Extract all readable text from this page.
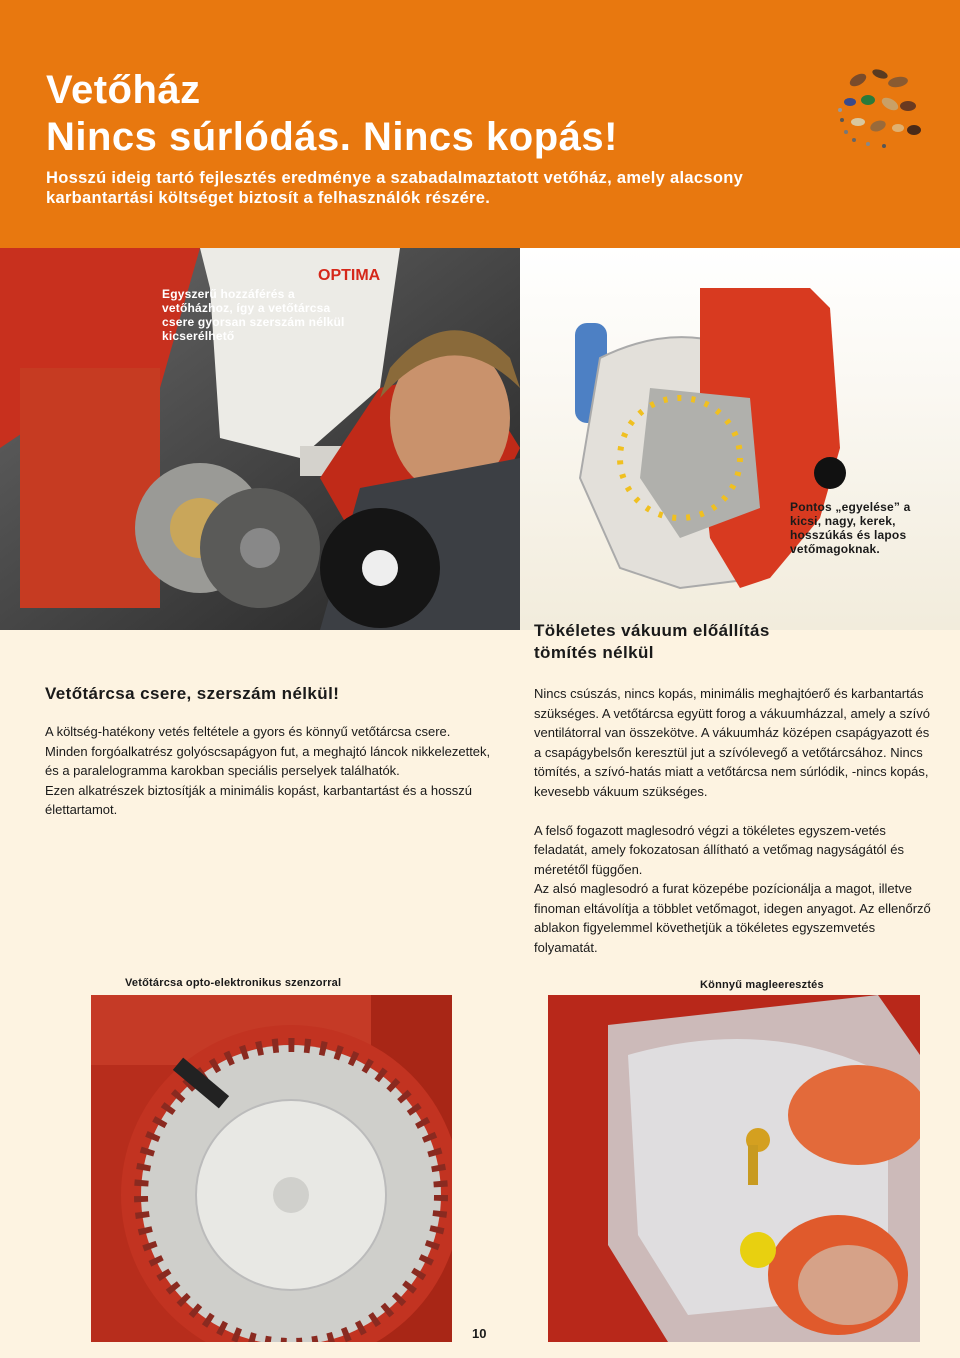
Vetőház
Nincs súrlódás. Nincs kopás!
Hosszú ideig tartó fejlesztés eredménye a szabadalmaztatott vetőház, amely alacsony karbantartási költséget biztosít a felhasználók részére.
OPTIMA
Egyszerű hozzáférés a vetőházhoz, így a vetőtárcsa csere gyorsan szerszám nélkül kicserélhető
Pontos „egyelése” a kicsi, nagy, kerek, hosszúkás és lapos vetőmagoknak.
Tökéletes vákuum előállítás
tömítés nélkül
Vetőtárcsa csere, szerszám nélkül!

A költség-hatékony vetés feltétele a gyors és könnyű vetőtárcsa csere.

Minden forgóalkatrész golyóscsapágyon fut, a meghajtó láncok nikkelezettek, és a paralelogramma karokban speciális perselyek találhatók.

Ezen alkatrészek biztosítják a minimális kopást, karbantartást és a hosszú élettartamot.

Nincs csúszás, nincs kopás, minimális meghajtóerő és karbantartás szükséges. A vetőtárcsa együtt forog a vákuumházzal, amely a szívó ventilátorral van összekötve. A vákuumház középen csapágyazott és a csapágybelsőn keresztül jut a szívólevegő a vetőtárcsához. Nincs tömítés, a szívó-hatás miatt a vetőtárcsa nem súrlódik, -nincs kopás, kevesebb vákuum szükséges.

A felső fogazott maglesodró végzi a tökéletes egyszem-vetés feladatát, amely fokozatosan állítható a vetőmag nagyságától és méretétől függően.

Az alsó maglesodró a furat közepébe pozícionálja a magot, illetve finoman eltávolítja a többlet vetőmagot, idegen anyagot. Az ellenőrző ablakon figyelemmel követhetjük a tökéletes egyszemvetés folyamatát.

Vetőtárcsa opto-elektronikus szenzorral	Könnyű magleeresztés
10
